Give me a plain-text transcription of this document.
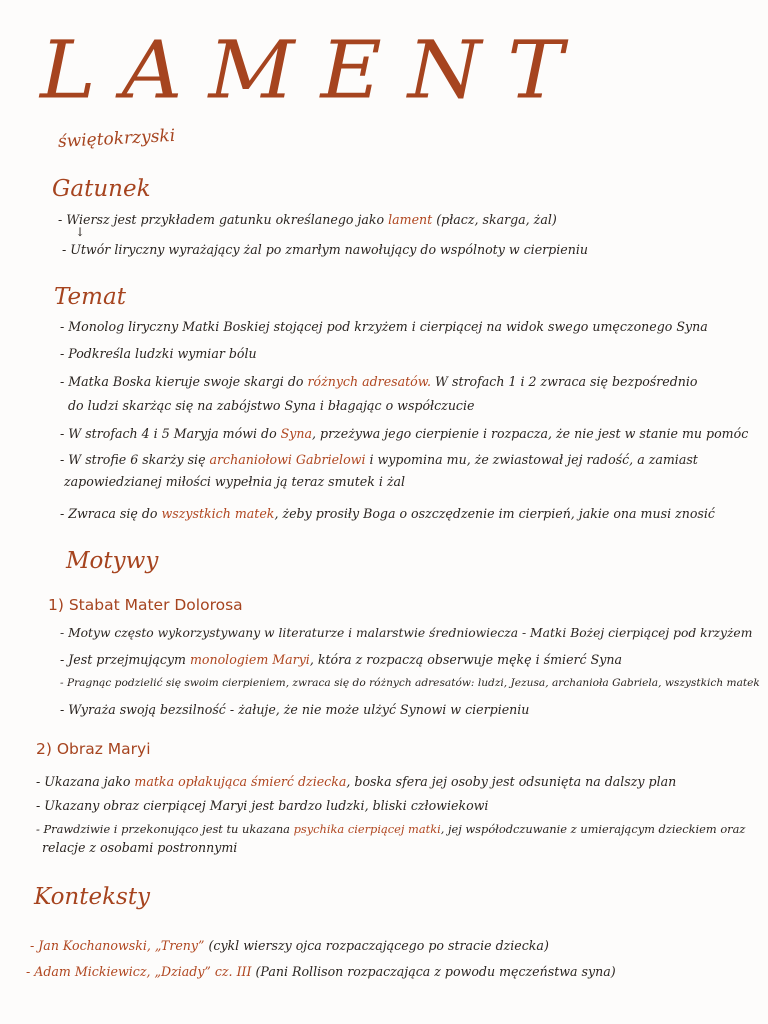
LAMENT
świętokrzyski
Gatunek
- Wiersz jest przykładem gatunku określanego jako lament (płacz, skarga, żal)
↓
- Utwór liryczny wyrażający żal po zmarłym nawołujący do wspólnoty w cierpieniu
Temat
- Monolog liryczny Matki Boskiej stojącej pod krzyżem i cierpiącej na widok swego umęczonego Syna
- Podkreśla ludzki wymiar bólu
- Matka Boska kieruje swoje skargi do różnych adresatów. W strofach 1 i 2 zwraca się bezpośrednio
do ludzi skarżąc się na zabójstwo Syna i błagając o współczucie
- W strofach 4 i 5 Maryja mówi do Syna, przeżywa jego cierpienie i rozpacza, że nie jest w stanie mu pomóc
- W strofie 6 skarży się archaniołowi Gabrielowi i wypomina mu, że zwiastował jej radość, a zamiast
zapowiedzianej miłości wypełnia ją teraz smutek i żal
- Zwraca się do wszystkich matek, żeby prosiły Boga o oszczędzenie im cierpień, jakie ona musi znosić
Motywy
1) Stabat Mater Dolorosa
- Motyw często wykorzystywany w literaturze i malarstwie średniowiecza - Matki Bożej cierpiącej pod krzyżem
- Jest przejmującym monologiem Maryi, która z rozpaczą obserwuje mękę i śmierć Syna
- Pragnąc podzielić się swoim cierpieniem, zwraca się do różnych adresatów: ludzi, Jezusa, archanioła Gabriela, wszystkich matek
- Wyraża swoją bezsilność - żałuje, że nie może ulżyć Synowi w cierpieniu
2) Obraz Maryi
- Ukazana jako matka opłakująca śmierć dziecka, boska sfera jej osoby jest odsunięta na dalszy plan
- Ukazany obraz cierpiącej Maryi jest bardzo ludzki, bliski człowiekowi
- Prawdziwie i przekonująco jest tu ukazana psychika cierpiącej matki, jej współodczuwanie z umierającym dzieckiem oraz
relacje z osobami postronnymi
Konteksty
- Jan Kochanowski, „Treny” (cykl wierszy ojca rozpaczającego po stracie dziecka)
- Adam Mickiewicz, „Dziady” cz. III (Pani Rollison rozpaczająca z powodu męczeństwa syna)
